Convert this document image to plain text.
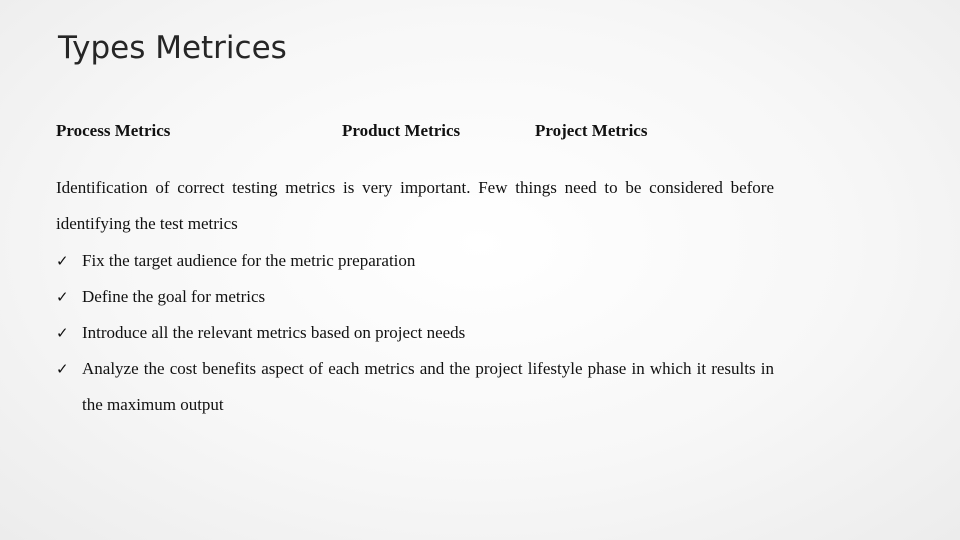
Types Metrices
Process Metrics	Product Metrics	Project Metrics
Identification of correct testing metrics is very important. Few things need to be considered before identifying the test metrics
✓ Fix the target audience for the metric preparation
✓ Define the goal for metrics
✓ Introduce all the relevant metrics based on project needs
✓ Analyze the cost benefits aspect of each metrics and the project lifestyle phase in which it results in the maximum output
